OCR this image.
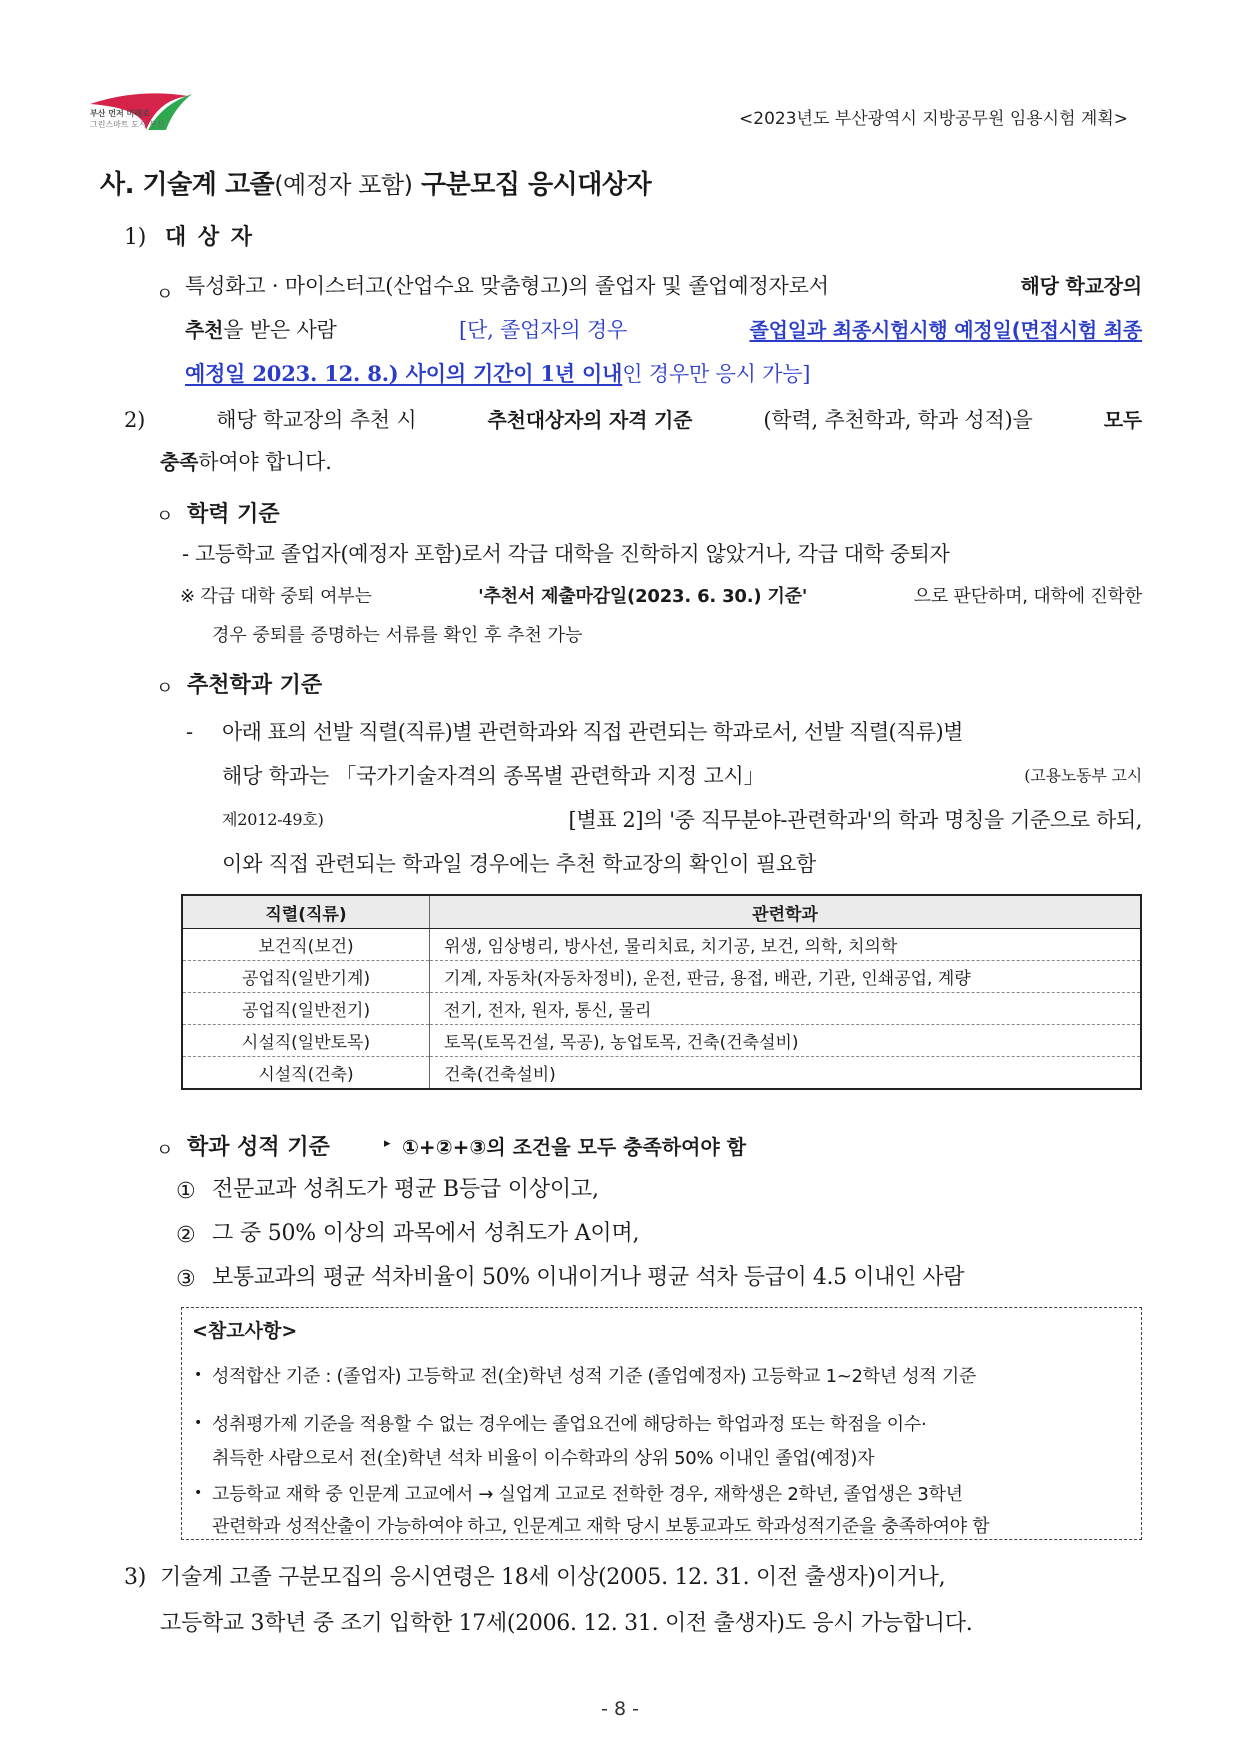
부산 먼저 미래로
그린스마트 도시 부산	<2023년도 부산광역시 지방공무원 임용시험 계획>
사. 기술계 고졸(예정자 포함) 구분모집 응시대상자
1) 대 상 자
ㅇ 특성화고 · 마이스터고(산업수요 맞춤형고)의 졸업자 및 졸업예정자로서	해당 학교장의
추천을 받은 사람	[단, 졸업자의 경우	졸업일과 최종시험시행 예정일(면접시험 최종
예정일 2023. 12. 8.) 사이의 기간이 1년 이내인 경우만 응시 가능]
2)	해당 학교장의 추천 시	추천대상자의 자격 기준	(학력, 추천학과, 학과 성적)을	모두
충족하여야 합니다.
ㅇ 학력 기준
- 고등학교 졸업자(예정자 포함)로서 각급 대학을 진학하지 않았거나, 각급 대학 중퇴자
※ 각급 대학 중퇴 여부는	'추천서 제출마감일(2023. 6. 30.) 기준'	으로 판단하며, 대학에 진학한
경우 중퇴를 증명하는 서류를 확인 후 추천 가능
ㅇ 추천학과 기준
- 아래 표의 선발 직렬(직류)별 관련학과와 직접 관련되는 학과로서, 선발 직렬(직류)별
해당 학과는 「국가기술자격의 종목별 관련학과 지정 고시」	(고용노동부 고시
제2012-49호)	[별표 2]의 '중 직무분야-관련학과'의 학과 명칭을 기준으로 하되,
이와 직접 관련되는 학과일 경우에는 추천 학교장의 확인이 필요함
직렬(직류)	관련학과
보건직(보건)	위생, 임상병리, 방사선, 물리치료, 치기공, 보건, 의학, 치의학
공업직(일반기계)	기계, 자동차(자동차정비), 운전, 판금, 용접, 배관, 기관, 인쇄공업, 계량
공업직(일반전기)	전기, 전자, 원자, 통신, 물리
시설직(일반토목)	토목(토목건설, 목공), 농업토목, 건축(건축설비)
시설직(건축)	건축(건축설비)
ㅇ 학과 성적 기준	▸ ①+②+③의 조건을 모두 충족하여야 함
① 전문교과 성취도가 평균 B등급 이상이고,
② 그 중 50% 이상의 과목에서 성취도가 A이며,
③ 보통교과의 평균 석차비율이 50% 이내이거나 평균 석차 등급이 4.5 이내인 사람
<참고사항>
• 성적합산 기준 : (졸업자) 고등학교 전(全)학년 성적 기준 (졸업예정자) 고등학교 1~2학년 성적 기준
• 성취평가제 기준을 적용할 수 없는 경우에는 졸업요건에 해당하는 학업과정 또는 학점을 이수·
취득한 사람으로서 전(全)학년 석차 비율이 이수학과의 상위 50% 이내인 졸업(예정)자
• 고등학교 재학 중 인문계 고교에서 → 실업계 고교로 전학한 경우, 재학생은 2학년, 졸업생은 3학년
관련학과 성적산출이 가능하여야 하고, 인문계고 재학 당시 보통교과도 학과성적기준을 충족하여야 함
3) 기술계 고졸 구분모집의 응시연령은 18세 이상(2005. 12. 31. 이전 출생자)이거나,
고등학교 3학년 중 조기 입학한 17세(2006. 12. 31. 이전 출생자)도 응시 가능합니다.
- 8 -
